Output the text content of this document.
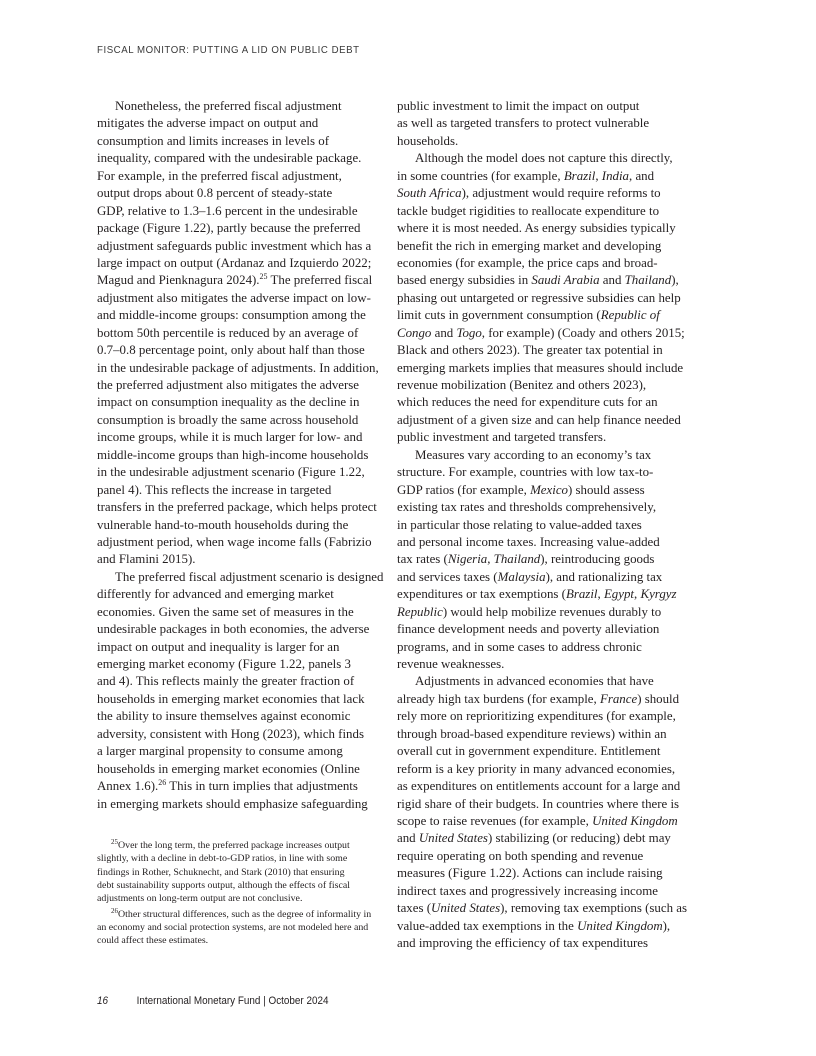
FISCAL MONITOR: PUTTING A LID ON PUBLIC DEBT
Nonetheless, the preferred fiscal adjustment
mitigates the adverse impact on output and
consumption and limits increases in levels of
inequality, compared with the undesirable package.
For example, in the preferred fiscal adjustment,
output drops about 0.8 percent of steady-state
GDP, relative to 1.3–1.6 percent in the undesirable
package (Figure 1.22), partly because the preferred
adjustment safeguards public investment which has a
large impact on output (Ardanaz and Izquierdo 2022;
Magud and Pienknagura 2024).$^{25}$ The preferred fiscal
adjustment also mitigates the adverse impact on low-
and middle-income groups: consumption among the
bottom 50th percentile is reduced by an average of
0.7–0.8 percentage point, only about half than those
in the undesirable package of adjustments. In addition,
the preferred adjustment also mitigates the adverse
impact on consumption inequality as the decline in
consumption is broadly the same across household
income groups, while it is much larger for low- and
middle-income groups than high-income households
in the undesirable adjustment scenario (Figure 1.22,
panel 4). This reflects the increase in targeted
transfers in the preferred package, which helps protect
vulnerable hand-to-mouth households during the
adjustment period, when wage income falls (Fabrizio
and Flamini 2015).
The preferred fiscal adjustment scenario is designed
differently for advanced and emerging market
economies. Given the same set of measures in the
undesirable packages in both economies, the adverse
impact on output and inequality is larger for an
emerging market economy (Figure 1.22, panels 3
and 4). This reflects mainly the greater fraction of
households in emerging market economies that lack
the ability to insure themselves against economic
adversity, consistent with Hong (2023), which finds
a larger marginal propensity to consume among
households in emerging market economies (Online
Annex 1.6).$^{26}$ This in turn implies that adjustments
in emerging markets should emphasize safeguarding
public investment to limit the impact on output
as well as targeted transfers to protect vulnerable
households.
Although the model does not capture this directly,
in some countries (for example, Brazil, India, and
South Africa), adjustment would require reforms to
tackle budget rigidities to reallocate expenditure to
where it is most needed. As energy subsidies typically
benefit the rich in emerging market and developing
economies (for example, the price caps and broad-
based energy subsidies in Saudi Arabia and Thailand),
phasing out untargeted or regressive subsidies can help
limit cuts in government consumption (Republic of
Congo and Togo, for example) (Coady and others 2015;
Black and others 2023). The greater tax potential in
emerging markets implies that measures should include
revenue mobilization (Benitez and others 2023),
which reduces the need for expenditure cuts for an
adjustment of a given size and can help finance needed
public investment and targeted transfers.
Measures vary according to an economy’s tax
structure. For example, countries with low tax-to-
GDP ratios (for example, Mexico) should assess
existing tax rates and thresholds comprehensively,
in particular those relating to value-added taxes
and personal income taxes. Increasing value-added
tax rates (Nigeria, Thailand), reintroducing goods
and services taxes (Malaysia), and rationalizing tax
expenditures or tax exemptions (Brazil, Egypt, Kyrgyz
Republic) would help mobilize revenues durably to
finance development needs and poverty alleviation
programs, and in some cases to address chronic
revenue weaknesses.
Adjustments in advanced economies that have
already high tax burdens (for example, France) should
rely more on reprioritizing expenditures (for example,
through broad-based expenditure reviews) within an
overall cut in government expenditure. Entitlement
reform is a key priority in many advanced economies,
as expenditures on entitlements account for a large and
rigid share of their budgets. In countries where there is
scope to raise revenues (for example, United Kingdom
and United States) stabilizing (or reducing) debt may
require operating on both spending and revenue
measures (Figure 1.22). Actions can include raising
indirect taxes and progressively increasing income
taxes (United States), removing tax exemptions (such as
value-added tax exemptions in the United Kingdom),
and improving the efficiency of tax expenditures
$^{25}$Over the long term, the preferred package increases output
slightly, with a decline in debt-to-GDP ratios, in line with some
findings in Rother, Schuknecht, and Stark (2010) that ensuring
debt sustainability supports output, although the effects of fiscal
adjustments on long-term output are not conclusive.
$^{26}$Other structural differences, such as the degree of informality in
an economy and social protection systems, are not modeled here and
could affect these estimates.
16	International Monetary Fund | October 2024
